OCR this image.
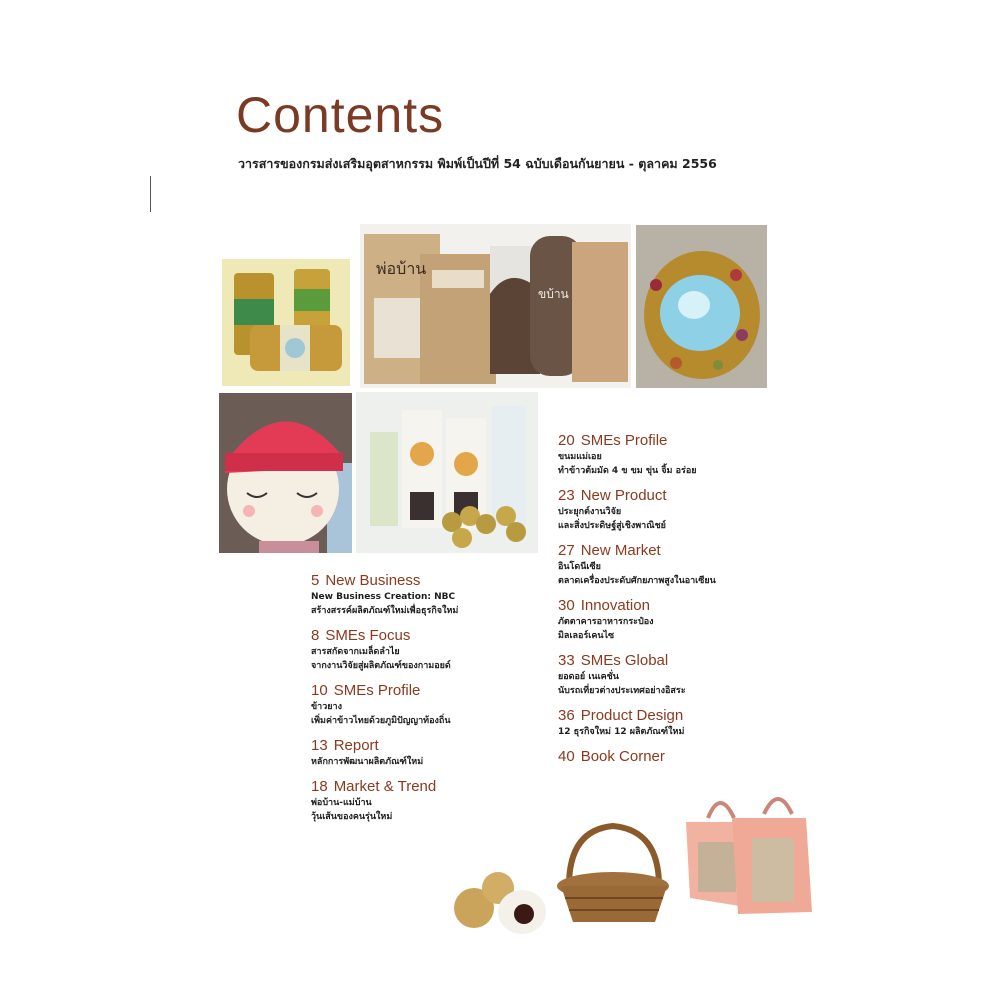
Contents
วารสารของกรมส่งเสริมอุตสาหกรรม พิมพ์เป็นปีที่ 54 ฉบับเดือนกันยายน - ตุลาคม 2556
พ่อบ้าน
ขบ้าน
5 New Business
New Business Creation: NBC
สร้างสรรค์ผลิตภัณฑ์ใหม่เพื่อธุรกิจใหม่
8 SMEs Focus
สารสกัดจากเมล็ดลำไย
จากงานวิจัยสู่ผลิตภัณฑ์ของกามอยด์
10 SMEs Profile
ข้าวยาง
เพิ่มค่าข้าวไทยด้วยภูมิปัญญาท้องถิ่น
13 Report
หลักการพัฒนาผลิตภัณฑ์ใหม่
18 Market & Trend
พ่อบ้าน-แม่บ้าน
วุ้นเส้นของคนรุ่นใหม่
20 SMEs Profile
ขนมแม่เอย
ทำข้าวต้มมัด 4 ข ขม ขุ่น จิ้ม อร่อย
23 New Product
ประยุกต์งานวิจัย
และสิ่งประดิษฐ์สู่เชิงพาณิชย์
27 New Market
อินโดนีเซีย
ตลาดเครื่องประดับศักยภาพสูงในอาเซียน
30 Innovation
ภัตตาคารอาหารกระป๋อง
มิลเลอร์เคนไซ
33 SMEs Global
ยอดอย์ เนเคชั่น
นับรถเที่ยวต่างประเทศอย่างอิสระ
36 Product Design
12 ธุรกิจใหม่ 12 ผลิตภัณฑ์ใหม่
40 Book Corner
